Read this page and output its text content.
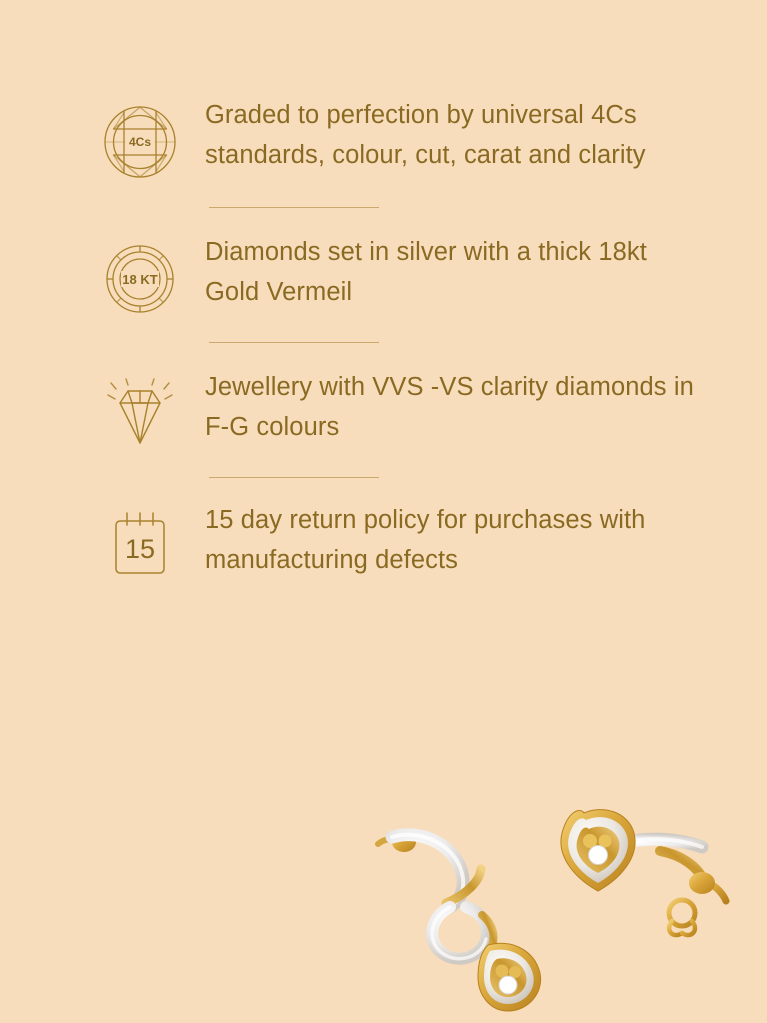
4Cs
Graded to perfection by universal 4Cs standards, colour, cut, carat and clarity
18 KT
Diamonds set in silver with a thick 18kt Gold Vermeil
Jewellery with VVS -VS clarity diamonds in F-G colours
15
15 day return policy for purchases with manufacturing defects
